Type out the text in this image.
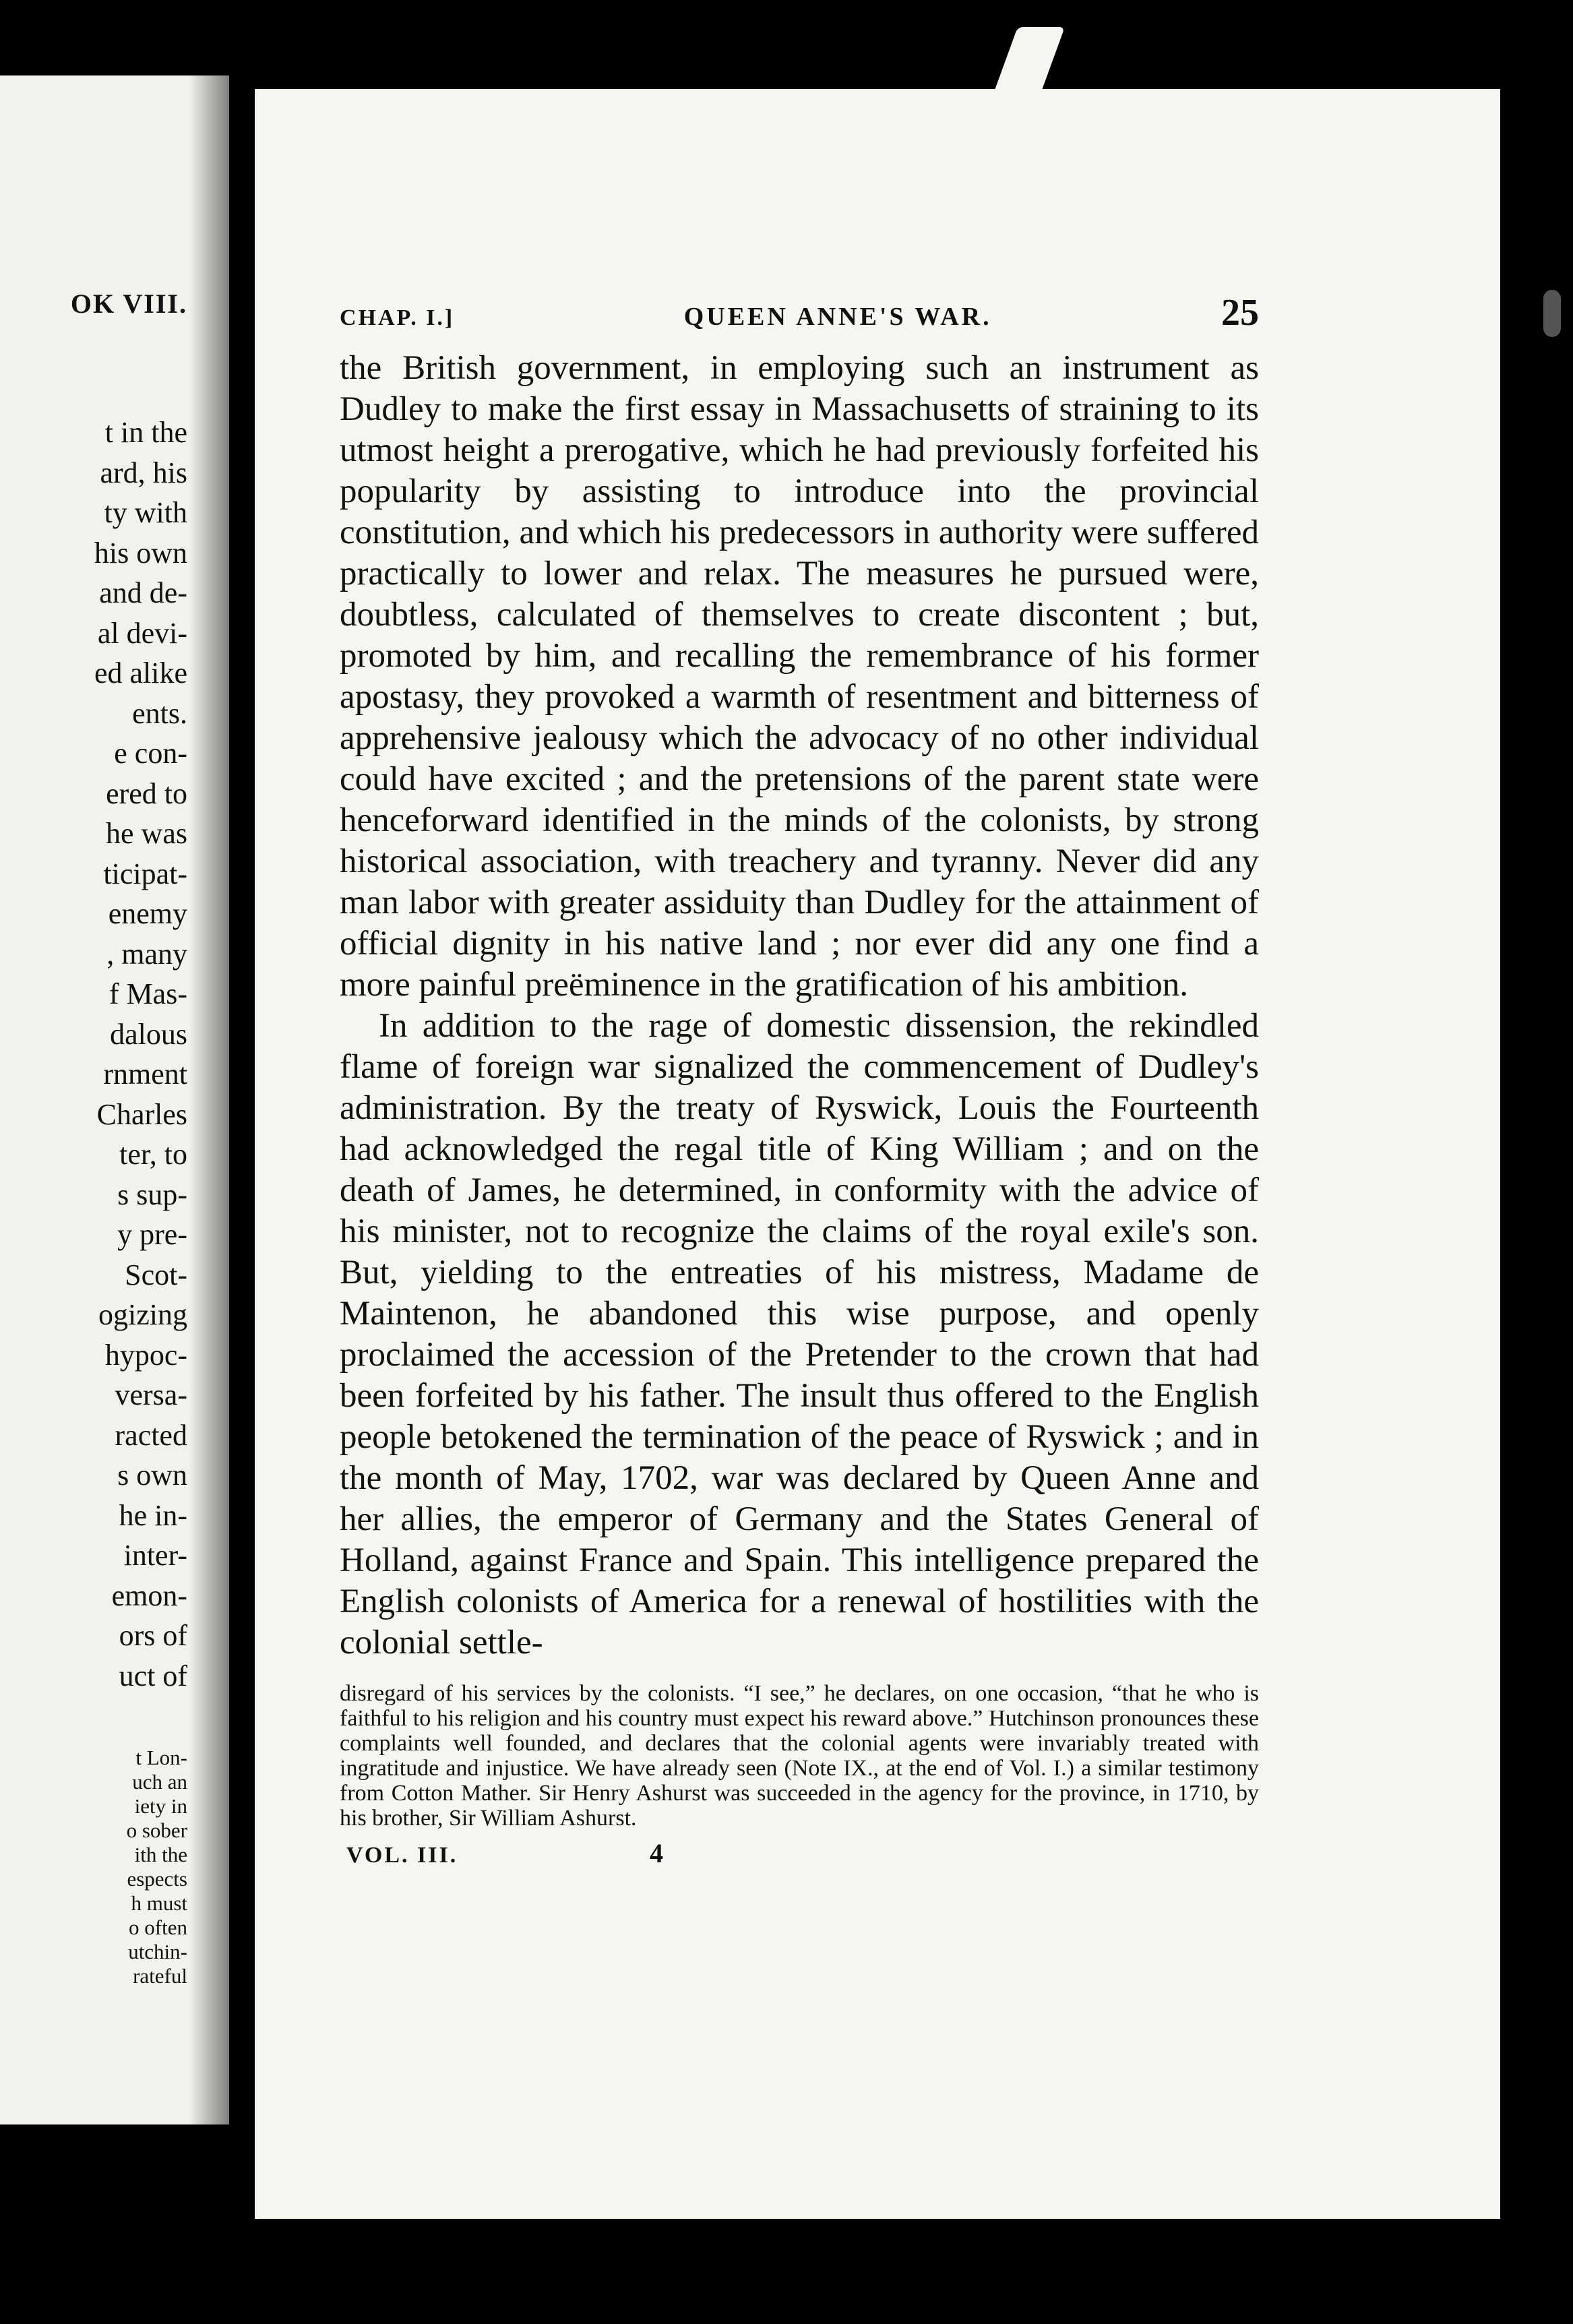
OK VIII.
t in the
ard, his
ty with
his own
and de-
al devi-
ed alike
ents.
e con-
ered to
he was
ticipat-
enemy
, many
f Mas-
dalous
rnment
Charles
ter, to
s sup-
y pre-
Scot-
ogizing
hypoc-
versa-
racted
s own
he in-
inter-
emon-
ors of
uct of
t Lon-
uch an
iety in
o sober
ith the
espects
h must
o often
utchin-
rateful
CHAP. I.]	QUEEN ANNE'S WAR.	25

the British government, in employing such an instrument as Dudley to make the first essay in Massachusetts of straining to its utmost height a prerogative, which he had previously forfeited his popularity by assisting to introduce into the provincial constitution, and which his predecessors in authority were suffered practically to lower and relax. The measures he pursued were, doubtless, calculated of themselves to create discontent ; but, promoted by him, and recalling the remembrance of his former apostasy, they provoked a warmth of resentment and bitterness of apprehensive jealousy which the advocacy of no other individual could have excited ; and the pretensions of the parent state were henceforward identified in the minds of the colonists, by strong historical association, with treachery and tyranny. Never did any man labor with greater assiduity than Dudley for the attainment of official dignity in his native land ; nor ever did any one find a more painful preëminence in the gratification of his ambition.

In addition to the rage of domestic dissension, the rekindled flame of foreign war signalized the commencement of Dudley's administration. By the treaty of Ryswick, Louis the Fourteenth had acknowledged the regal title of King William ; and on the death of James, he determined, in conformity with the advice of his minister, not to recognize the claims of the royal exile's son. But, yielding to the entreaties of his mistress, Madame de Maintenon, he abandoned this wise purpose, and openly proclaimed the accession of the Pretender to the crown that had been forfeited by his father. The insult thus offered to the English people betokened the termination of the peace of Ryswick ; and in the month of May, 1702, war was declared by Queen Anne and her allies, the emperor of Germany and the States General of Holland, against France and Spain. This intelligence prepared the English colonists of America for a renewal of hostilities with the colonial settle-

disregard of his services by the colonists. “I see,” he declares, on one occasion, “that he who is faithful to his religion and his country must expect his reward above.” Hutchinson pronounces these complaints well founded, and declares that the colonial agents were invariably treated with ingratitude and injustice. We have already seen (Note IX., at the end of Vol. I.) a similar testimony from Cotton Mather. Sir Henry Ashurst was succeeded in the agency for the province, in 1710, by his brother, Sir William Ashurst.

VOL. III.	4
